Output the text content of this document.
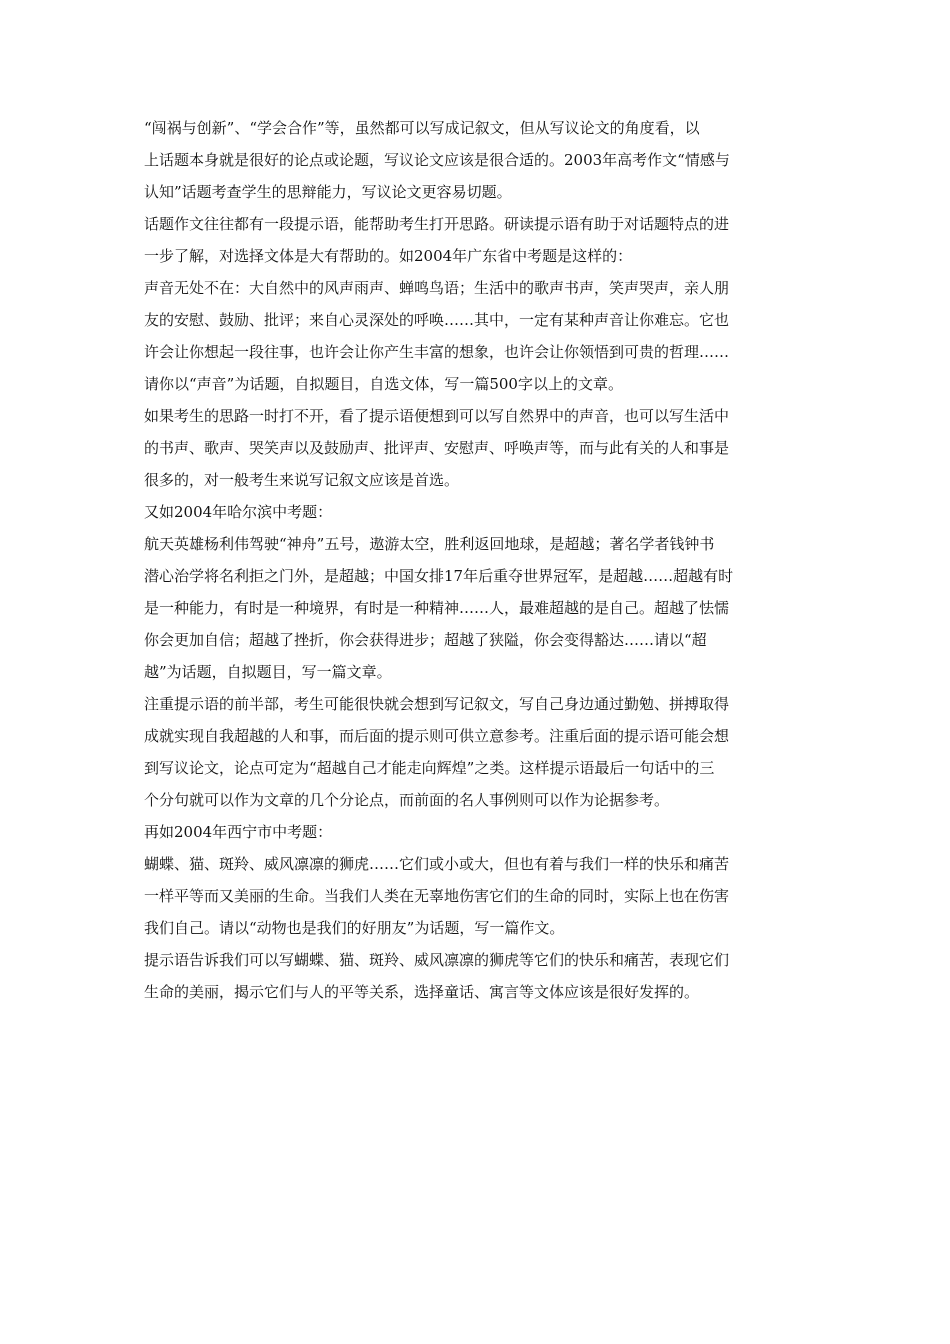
“闯祸与创新”、“学会合作”等，虽然都可以写成记叙文，但从写议论文的角度看，以
上话题本身就是很好的论点或论题，写议论文应该是很合适的。2003年高考作文“情感与
认知”话题考查学生的思辩能力，写议论文更容易切题。
话题作文往往都有一段提示语，能帮助考生打开思路。研读提示语有助于对话题特点的进
一步了解，对选择文体是大有帮助的。如2004年广东省中考题是这样的：
声音无处不在：大自然中的风声雨声、蝉鸣鸟语；生活中的歌声书声，笑声哭声，亲人朋
友的安慰、鼓励、批评；来自心灵深处的呼唤……其中，一定有某种声音让你难忘。它也
许会让你想起一段往事，也许会让你产生丰富的想象，也许会让你领悟到可贵的哲理……
请你以“声音”为话题，自拟题目，自选文体，写一篇500字以上的文章。
如果考生的思路一时打不开，看了提示语便想到可以写自然界中的声音，也可以写生活中
的书声、歌声、哭笑声以及鼓励声、批评声、安慰声、呼唤声等，而与此有关的人和事是
很多的，对一般考生来说写记叙文应该是首选。
又如2004年哈尔滨中考题：
航天英雄杨利伟驾驶“神舟”五号，遨游太空，胜利返回地球，是超越；著名学者钱钟书
潜心治学将名利拒之门外，是超越；中国女排17年后重夺世界冠军，是超越……超越有时
是一种能力，有时是一种境界，有时是一种精神……人，最难超越的是自己。超越了怯懦
你会更加自信；超越了挫折，你会获得进步；超越了狭隘，你会变得豁达……请以“超
越”为话题，自拟题目，写一篇文章。
注重提示语的前半部，考生可能很快就会想到写记叙文，写自己身边通过勤勉、拼搏取得
成就实现自我超越的人和事，而后面的提示则可供立意参考。注重后面的提示语可能会想
到写议论文，论点可定为“超越自己才能走向辉煌”之类。这样提示语最后一句话中的三
个分句就可以作为文章的几个分论点，而前面的名人事例则可以作为论据参考。
再如2004年西宁市中考题：
蝴蝶、猫、斑羚、威风凛凛的狮虎……它们或小或大，但也有着与我们一样的快乐和痛苦
一样平等而又美丽的生命。当我们人类在无辜地伤害它们的生命的同时，实际上也在伤害
我们自己。请以“动物也是我们的好朋友”为话题，写一篇作文。
提示语告诉我们可以写蝴蝶、猫、斑羚、威风凛凛的狮虎等它们的快乐和痛苦，表现它们
生命的美丽，揭示它们与人的平等关系，选择童话、寓言等文体应该是很好发挥的。
